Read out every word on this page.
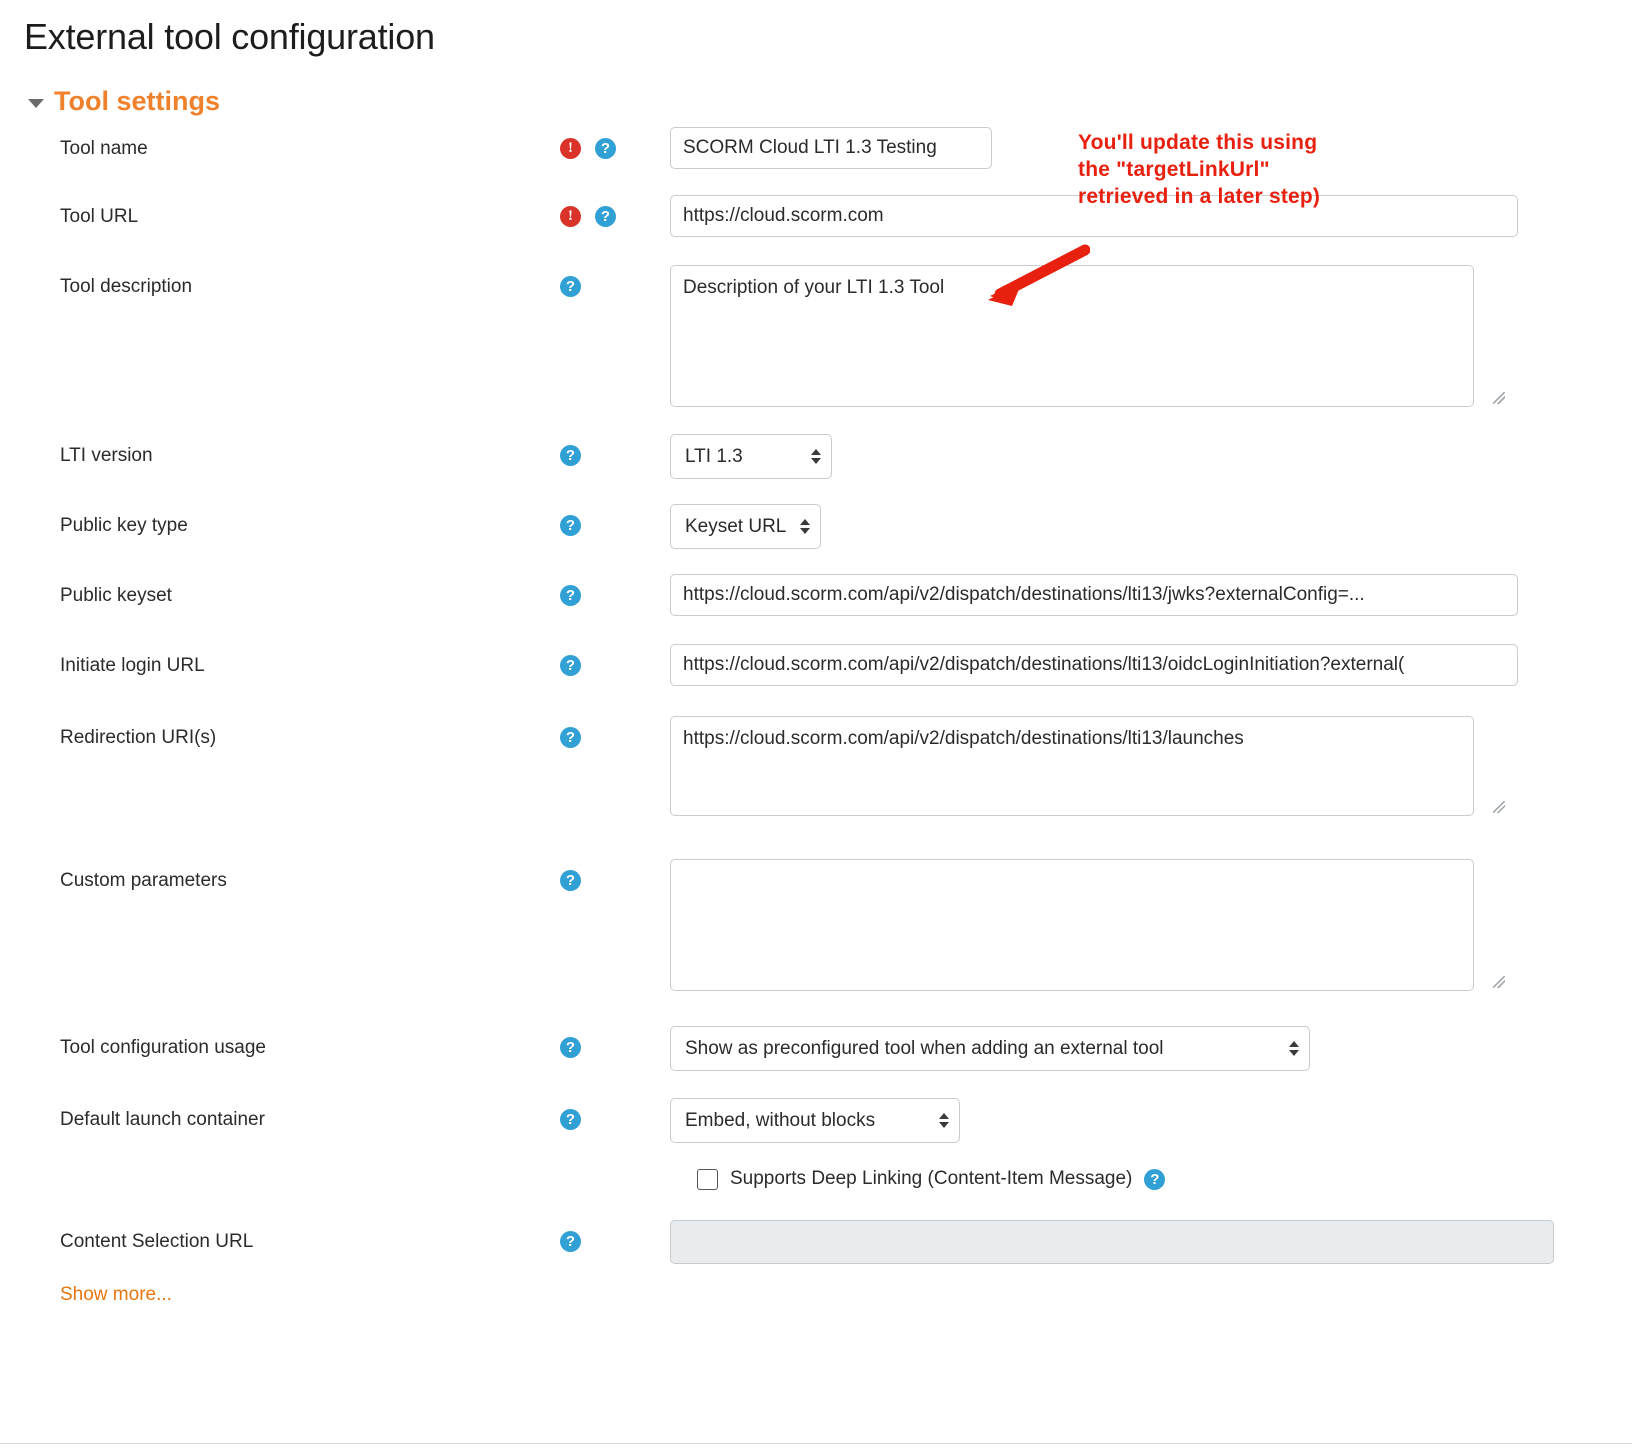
External tool configuration
Tool settings
Tool name	!	?
SCORM Cloud LTI 1.3 Testing
Tool URL	!	?
https://cloud.scorm.com
Tool description	?
Description of your LTI 1.3 Tool
LTI version	?	LTI 1.3
Public key type	?	Keyset URL
Public keyset	?
https://cloud.scorm.com/api/v2/dispatch/destinations/lti13/jwks?externalConfig=...
Initiate login URL	?
https://cloud.scorm.com/api/v2/dispatch/destinations/lti13/oidcLoginInitiation?external(
Redirection URI(s)	?
https://cloud.scorm.com/api/v2/dispatch/destinations/lti13/launches
Custom parameters	?
Tool configuration usage	?	Show as preconfigured tool when adding an external tool
Default launch container	?	Embed, without blocks
Supports Deep Linking (Content-Item Message)	?
Content Selection URL	?
Show more...
You'll update this using the "targetLinkUrl" retrieved in a later step)
